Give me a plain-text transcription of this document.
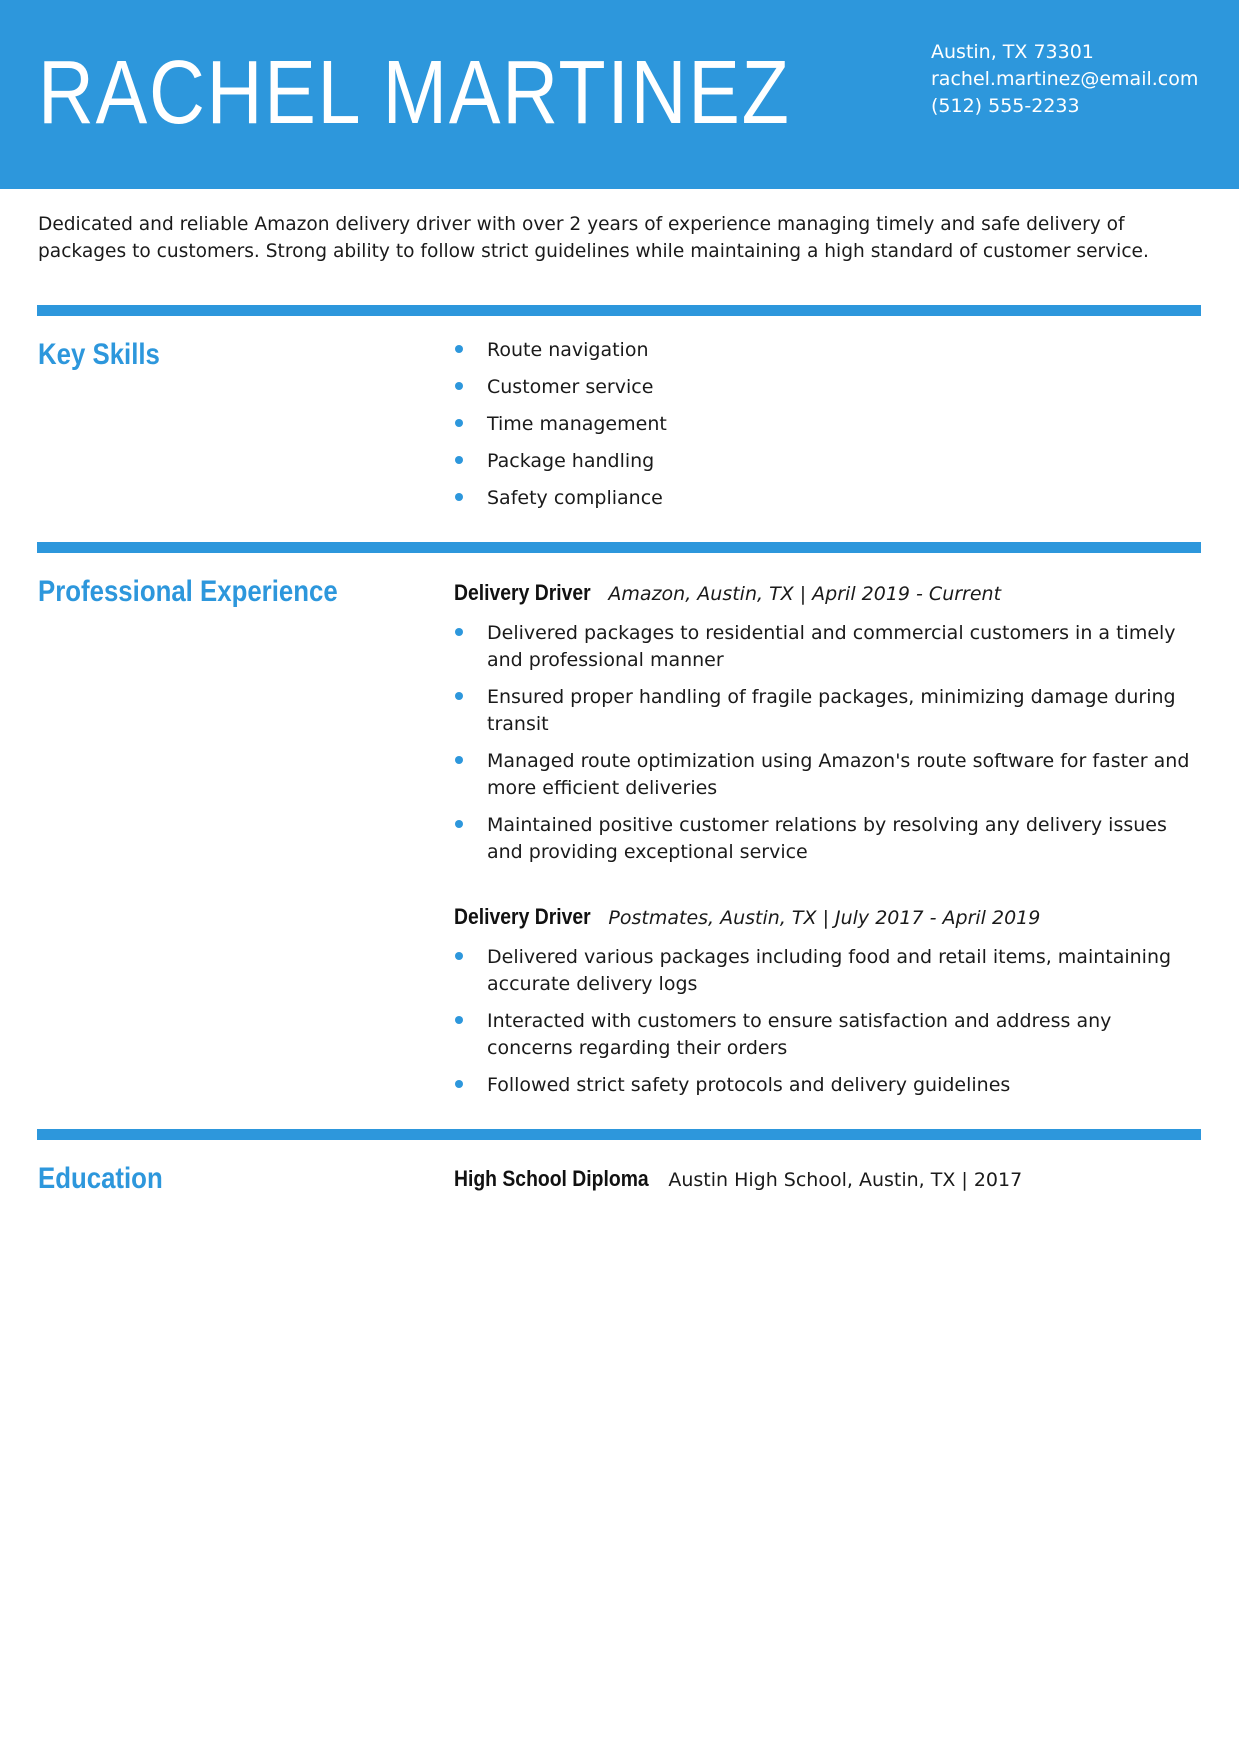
RACHEL MARTINEZ	Austin, TX 73301
rachel.martinez@email.com
(512) 555-2233

Dedicated and reliable Amazon delivery driver with over 2 years of experience managing timely and safe delivery of packages to customers. Strong ability to follow strict guidelines while maintaining a high standard of customer service.

Key Skills	Route navigation
Customer service
Time management
Package handling
Safety compliance
Professional Experience	Delivery Driver Amazon, Austin, TX | April 2019 - Current
Delivered packages to residential and commercial customers in a timely and professional manner
Ensured proper handling of fragile packages, minimizing damage during transit
Managed route optimization using Amazon's route software for faster and more efficient deliveries
Maintained positive customer relations by resolving any delivery issues and providing exceptional service
Delivery Driver Postmates, Austin, TX | July 2017 - April 2019
Delivered various packages including food and retail items, maintaining accurate delivery logs
Interacted with customers to ensure satisfaction and address any concerns regarding their orders
Followed strict safety protocols and delivery guidelines
Education	High School Diploma Austin High School, Austin, TX | 2017
